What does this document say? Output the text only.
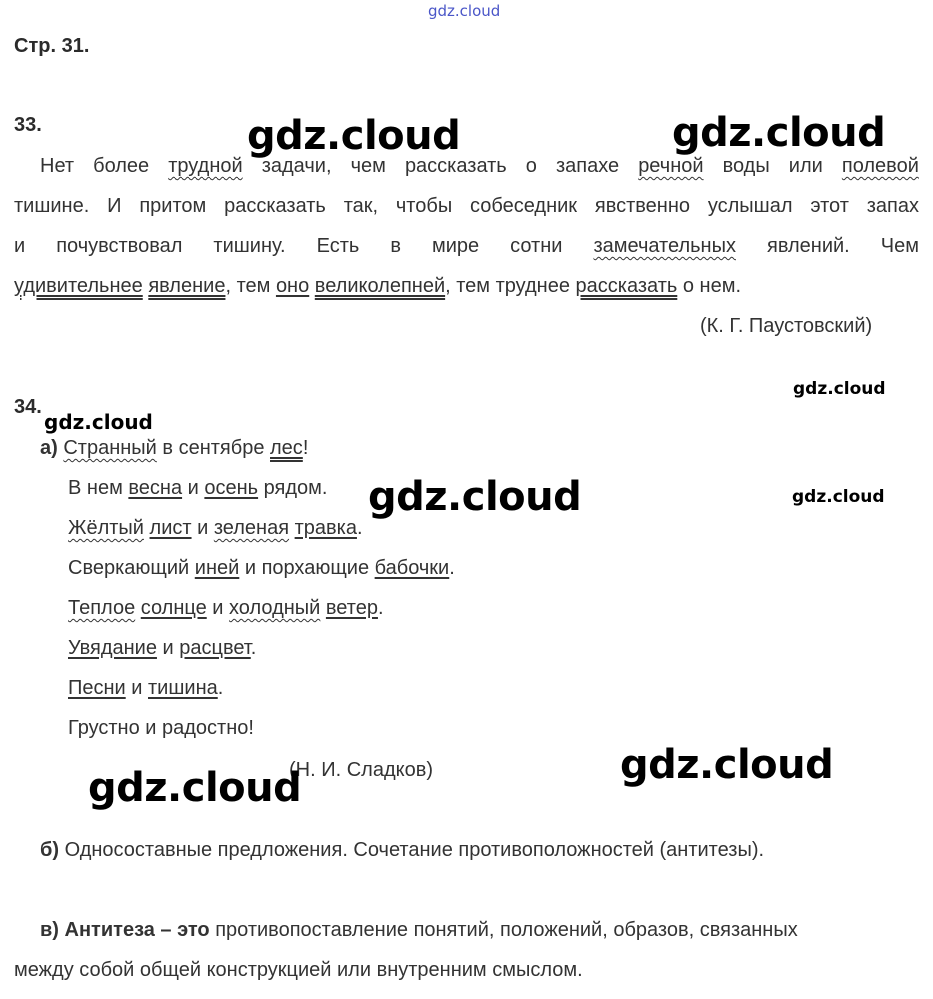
gdz.cloud
Стр. 31.
33.
Нет более трудной задачи, чем рассказать о запахе речной воды или полевой
тишине. И притом рассказать так, чтобы собеседник явственно услышал этот запах
и почувствовал тишину. Есть в мире сотни замечательных явлений. Чем
удивительнее явление, тем оно великолепней, тем труднее рассказать о нем.
(К. Г. Паустовский)
34.
а) Странный в сентябре лес!
В нем весна и осень рядом.
Жёлтый лист и зеленая травка.
Сверкающий иней и порхающие бабочки.
Теплое солнце и холодный ветер.
Увядание и расцвет.
Песни и тишина.
Грустно и радостно!
(Н. И. Сладков)
б) Односоставные предложения. Сочетание противоположностей (антитезы).
в) Антитеза – это противопоставление понятий, положений, образов, связанных
между собой общей конструкцией или внутренним смыслом.
gdz.cloud	gdz.cloud
gdz.cloud
gdz.cloud
gdz.cloud	gdz.cloud
gdz.cloud
gdz.cloud
